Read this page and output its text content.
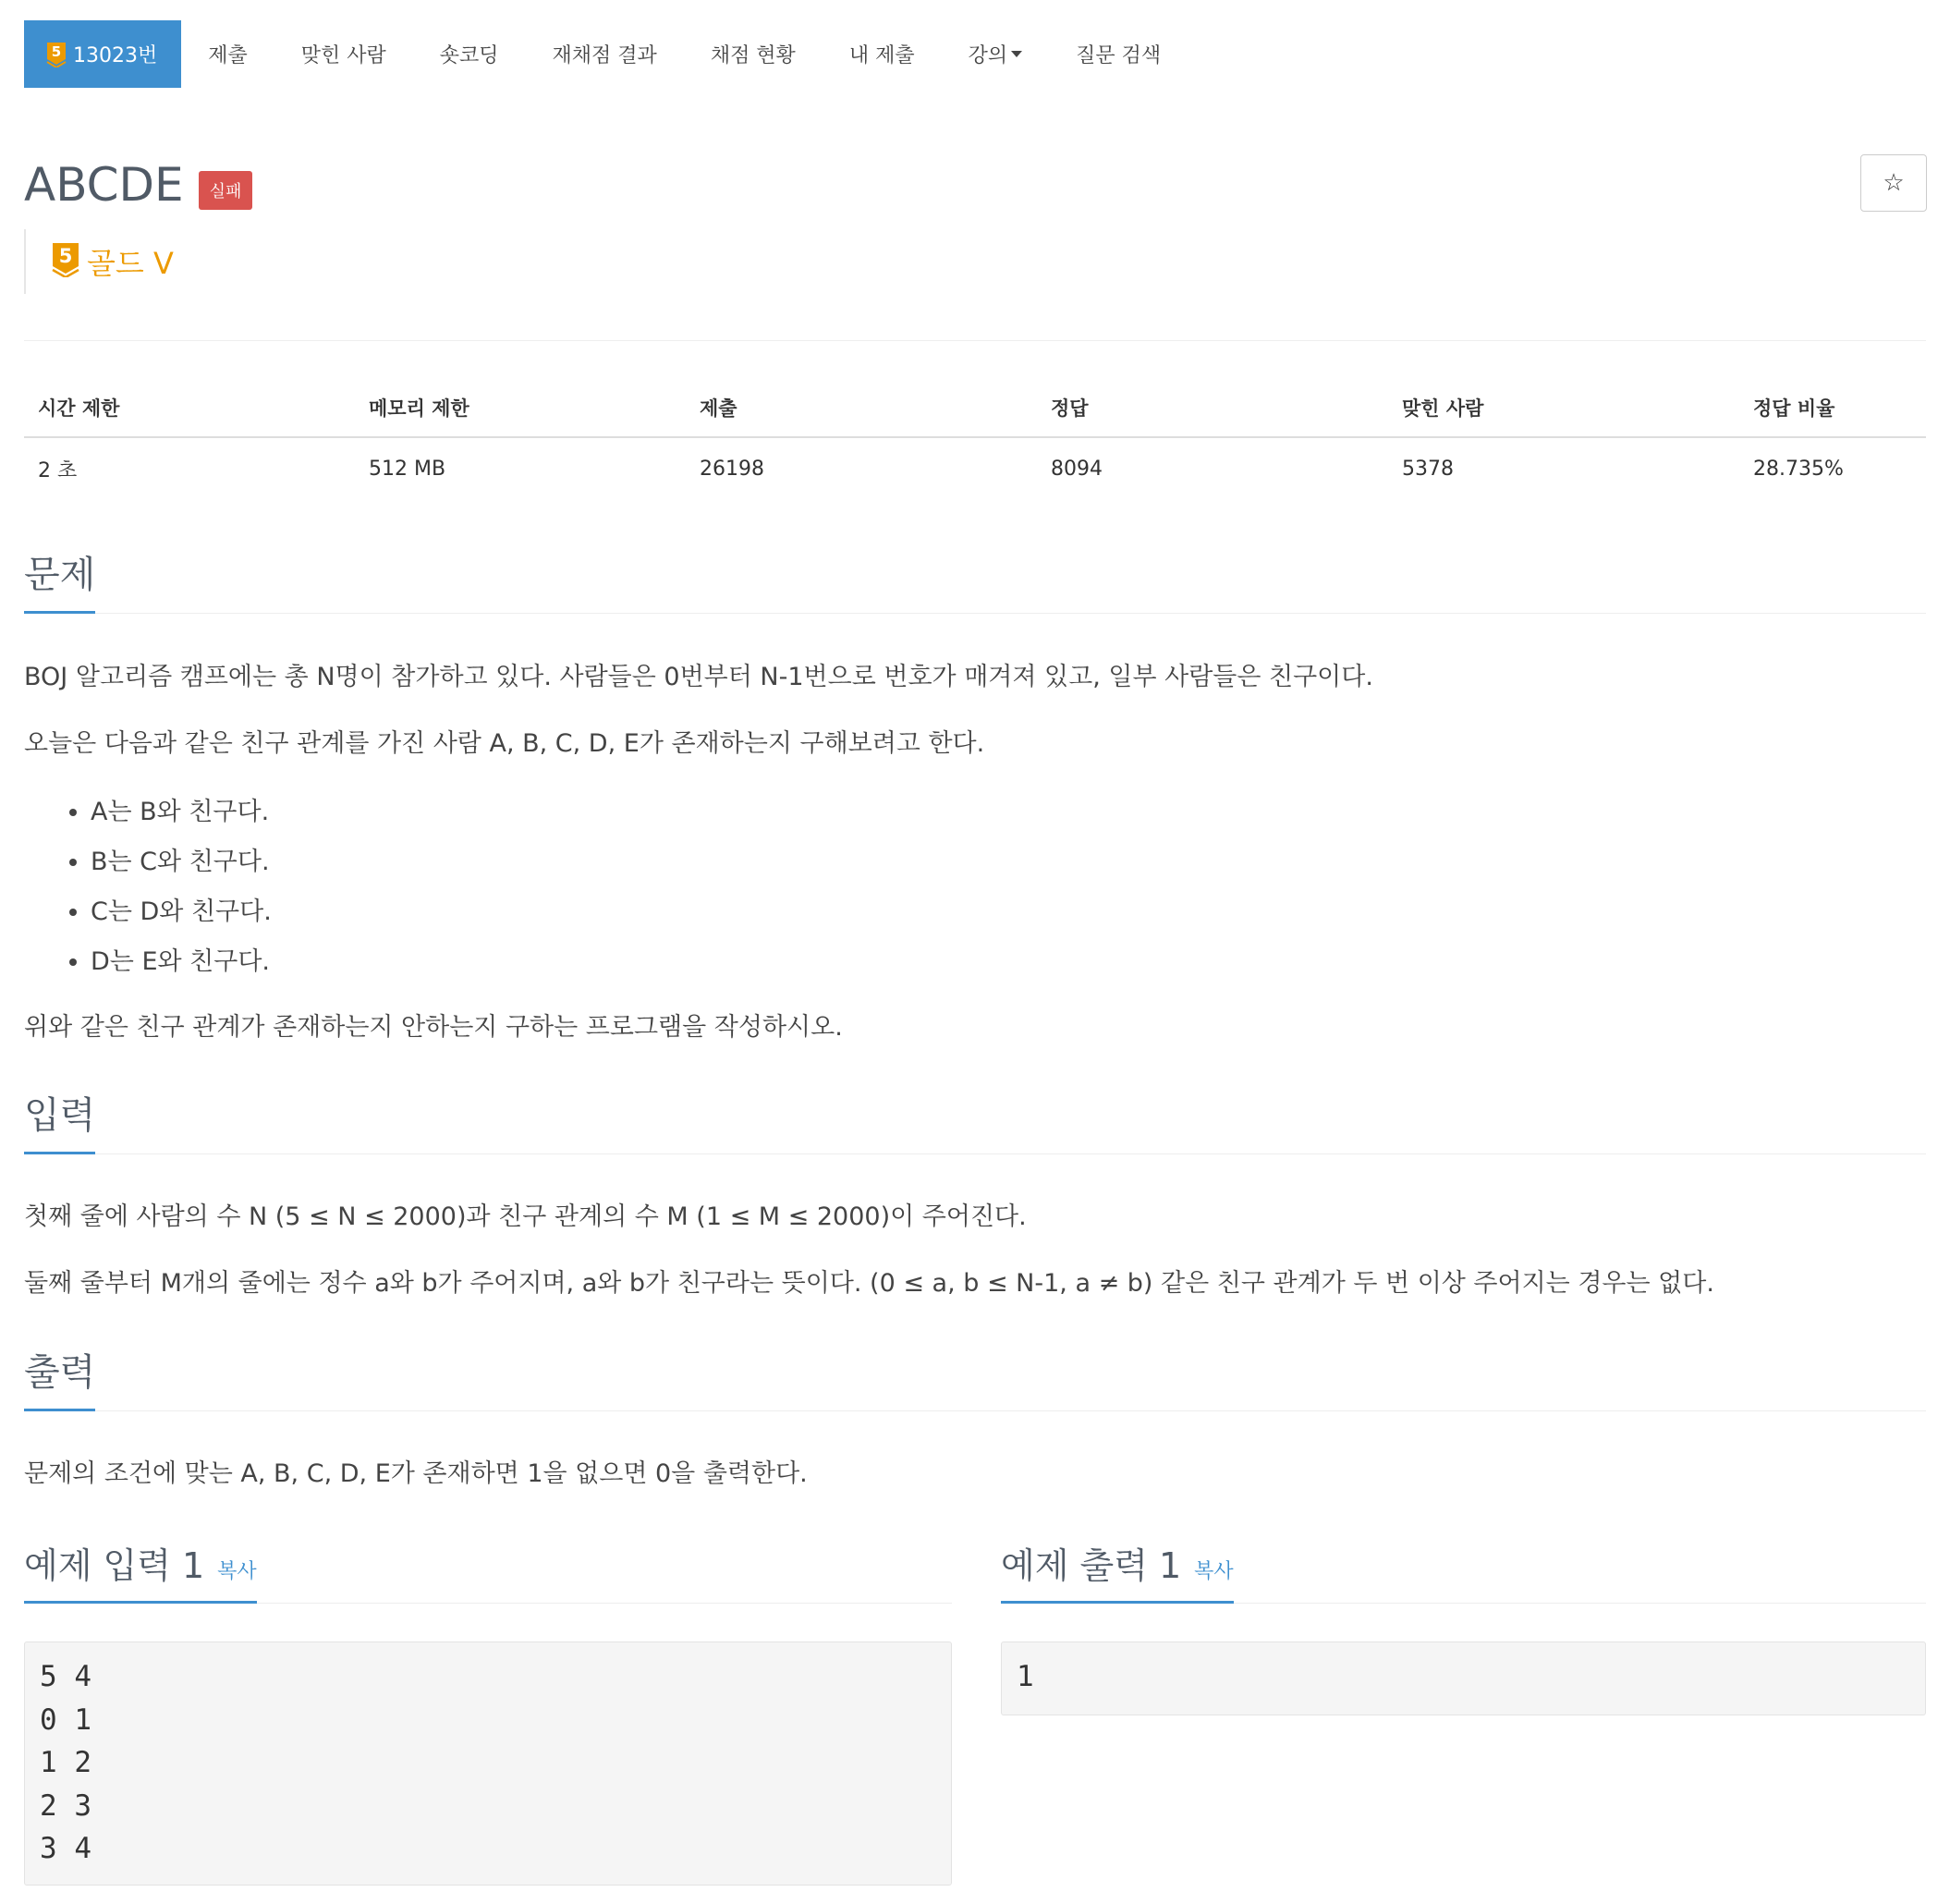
5 13023번	제출	맞힌 사람	숏코딩	재채점 결과	채점 현황	내 제출	강의	질문 검색
ABCDE	실패	☆
5 골드 V
시간 제한	메모리 제한	제출	정답	맞힌 사람	정답 비율
2 초	512 MB	26198	8094	5378	28.735%
문제
BOJ 알고리즘 캠프에는 총 N명이 참가하고 있다. 사람들은 0번부터 N-1번으로 번호가 매겨져 있고, 일부 사람들은 친구이다.
오늘은 다음과 같은 친구 관계를 가진 사람 A, B, C, D, E가 존재하는지 구해보려고 한다.
• A는 B와 친구다.
• B는 C와 친구다.
• C는 D와 친구다.
• D는 E와 친구다.
위와 같은 친구 관계가 존재하는지 안하는지 구하는 프로그램을 작성하시오.
입력
첫째 줄에 사람의 수 N (5 ≤ N ≤ 2000)과 친구 관계의 수 M (1 ≤ M ≤ 2000)이 주어진다.
둘째 줄부터 M개의 줄에는 정수 a와 b가 주어지며, a와 b가 친구라는 뜻이다. (0 ≤ a, b ≤ N-1, a ≠ b) 같은 친구 관계가 두 번 이상 주어지는 경우는 없다.
출력
문제의 조건에 맞는 A, B, C, D, E가 존재하면 1을 없으면 0을 출력한다.
예제 입력 1 복사
5 4
0 1
1 2
2 3
3 4
예제 출력 1 복사
1
